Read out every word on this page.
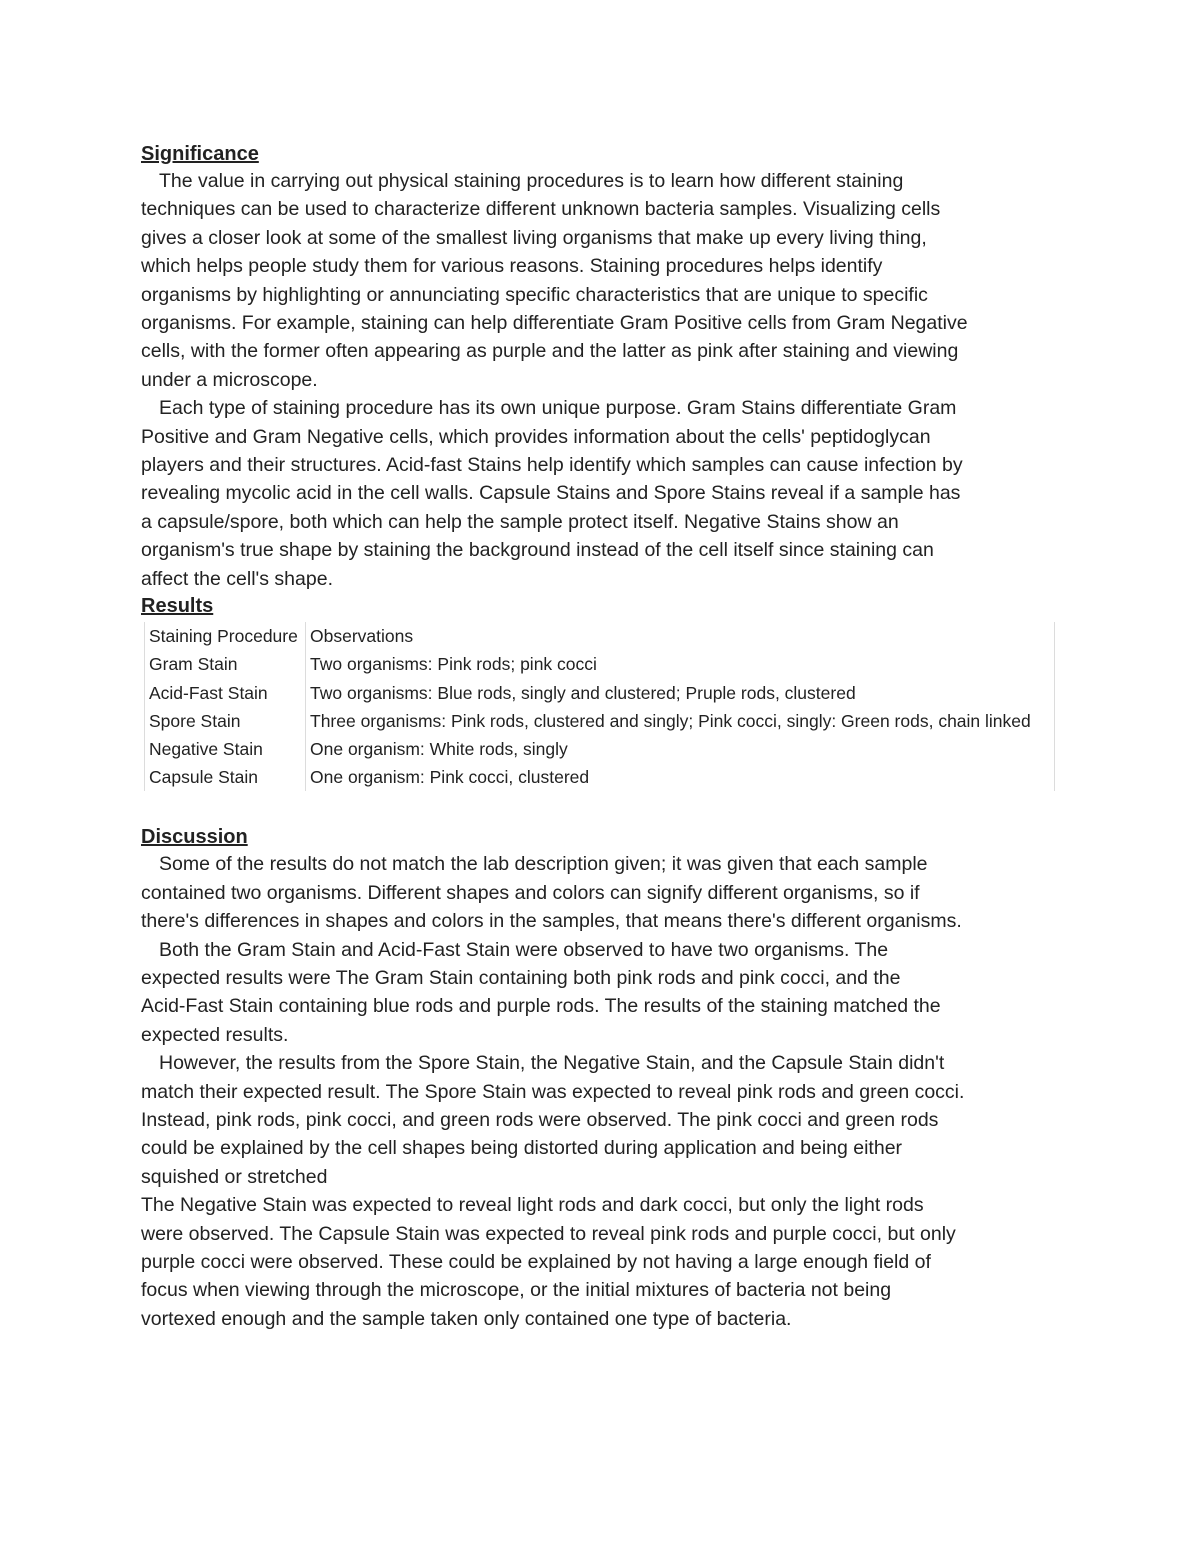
Significance

The value in carrying out physical staining procedures is to learn how different staining
techniques can be used to characterize different unknown bacteria samples. Visualizing cells
gives a closer look at some of the smallest living organisms that make up every living thing,
which helps people study them for various reasons. Staining procedures helps identify
organisms by highlighting or annunciating specific characteristics that are unique to specific
organisms. For example, staining can help differentiate Gram Positive cells from Gram Negative
cells, with the former often appearing as purple and the latter as pink after staining and viewing
under a microscope.

Each type of staining procedure has its own unique purpose. Gram Stains differentiate Gram
Positive and Gram Negative cells, which provides information about the cells' peptidoglycan
players and their structures. Acid-fast Stains help identify which samples can cause infection by
revealing mycolic acid in the cell walls. Capsule Stains and Spore Stains reveal if a sample has
a capsule/spore, both which can help the sample protect itself. Negative Stains show an
organism's true shape by staining the background instead of the cell itself since staining can
affect the cell's shape.

Results
Staining Procedure	Observations
Gram Stain	Two organisms: Pink rods; pink cocci
Acid-Fast Stain	Two organisms: Blue rods, singly and clustered; Pruple rods, clustered
Spore Stain	Three organisms: Pink rods, clustered and singly; Pink cocci, singly: Green rods, chain linked
Negative Stain	One organism: White rods, singly
Capsule Stain	One organism: Pink cocci, clustered
Discussion

Some of the results do not match the lab description given; it was given that each sample
contained two organisms. Different shapes and colors can signify different organisms, so if
there's differences in shapes and colors in the samples, that means there's different organisms.

Both the Gram Stain and Acid-Fast Stain were observed to have two organisms. The
expected results were The Gram Stain containing both pink rods and pink cocci, and the
Acid-Fast Stain containing blue rods and purple rods. The results of the staining matched the
expected results.

However, the results from the Spore Stain, the Negative Stain, and the Capsule Stain didn't
match their expected result. The Spore Stain was expected to reveal pink rods and green cocci.
Instead, pink rods, pink cocci, and green rods were observed. The pink cocci and green rods
could be explained by the cell shapes being distorted during application and being either
squished or stretched

The Negative Stain was expected to reveal light rods and dark cocci, but only the light rods
were observed. The Capsule Stain was expected to reveal pink rods and purple cocci, but only
purple cocci were observed. These could be explained by not having a large enough field of
focus when viewing through the microscope, or the initial mixtures of bacteria not being
vortexed enough and the sample taken only contained one type of bacteria.
